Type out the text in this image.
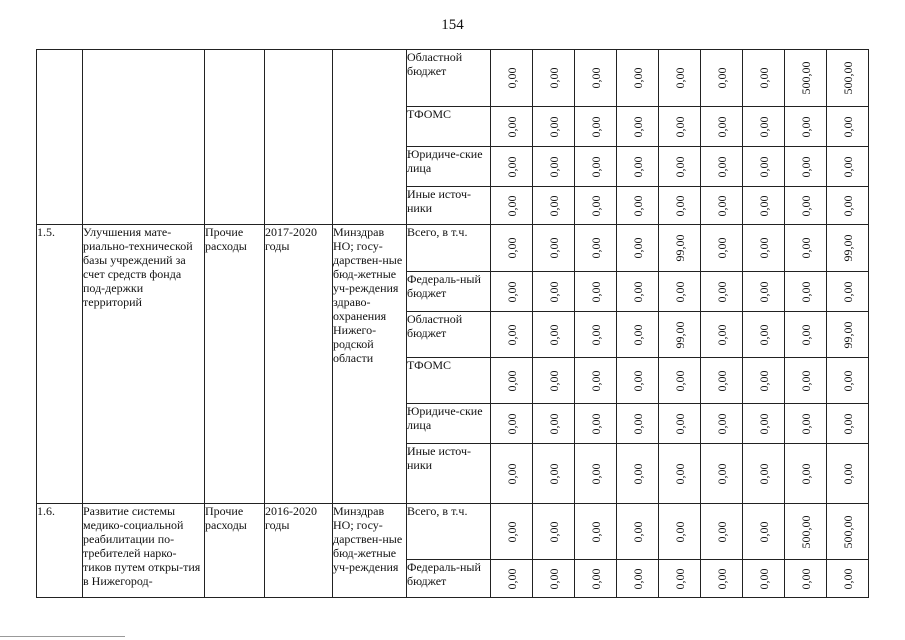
154
					Областной бюджет	0,00	0,00	0,00	0,00	0,00	0,00	0,00	500,00	500,00

					ТФОМС	0,00	0,00	0,00	0,00	0,00	0,00	0,00	0,00	0,00

					Юридиче-ские лица	0,00	0,00	0,00	0,00	0,00	0,00	0,00	0,00	0,00

					Иные источ-ники	0,00	0,00	0,00	0,00	0,00	0,00	0,00	0,00	0,00

1.5.	Улучшения мате-риально-технической базы учреждений за счет средств фонда под-держки территорий	Прочие расходы	2017-2020 годы	Минздрав НО; госу-дарствен-ные бюд-жетные уч-реждения здраво-охранения Нижего-родской области	Всего, в т.ч.	0,00	0,00	0,00	0,00	99,00	0,00	0,00	0,00	99,00

					Федераль-ный бюджет	0,00	0,00	0,00	0,00	0,00	0,00	0,00	0,00	0,00

					Областной бюджет	0,00	0,00	0,00	0,00	99,00	0,00	0,00	0,00	99,00

					ТФОМС	0,00	0,00	0,00	0,00	0,00	0,00	0,00	0,00	0,00

					Юридиче-ские лица	0,00	0,00	0,00	0,00	0,00	0,00	0,00	0,00	0,00

					Иные источ-ники	0,00	0,00	0,00	0,00	0,00	0,00	0,00	0,00	0,00

1.6.	Развитие системы медико-социальной реабилитации по-требителей нарко-тиков путем откры-тия в Нижегород-	Прочие расходы	2016-2020 годы	Минздрав НО; госу-дарствен-ные бюд-жетные уч-реждения	Всего, в т.ч.	0,00	0,00	0,00	0,00	0,00	0,00	0,00	500,00	500,00

					Федераль-ный бюджет	0,00	0,00	0,00	0,00	0,00	0,00	0,00	0,00	0,00
